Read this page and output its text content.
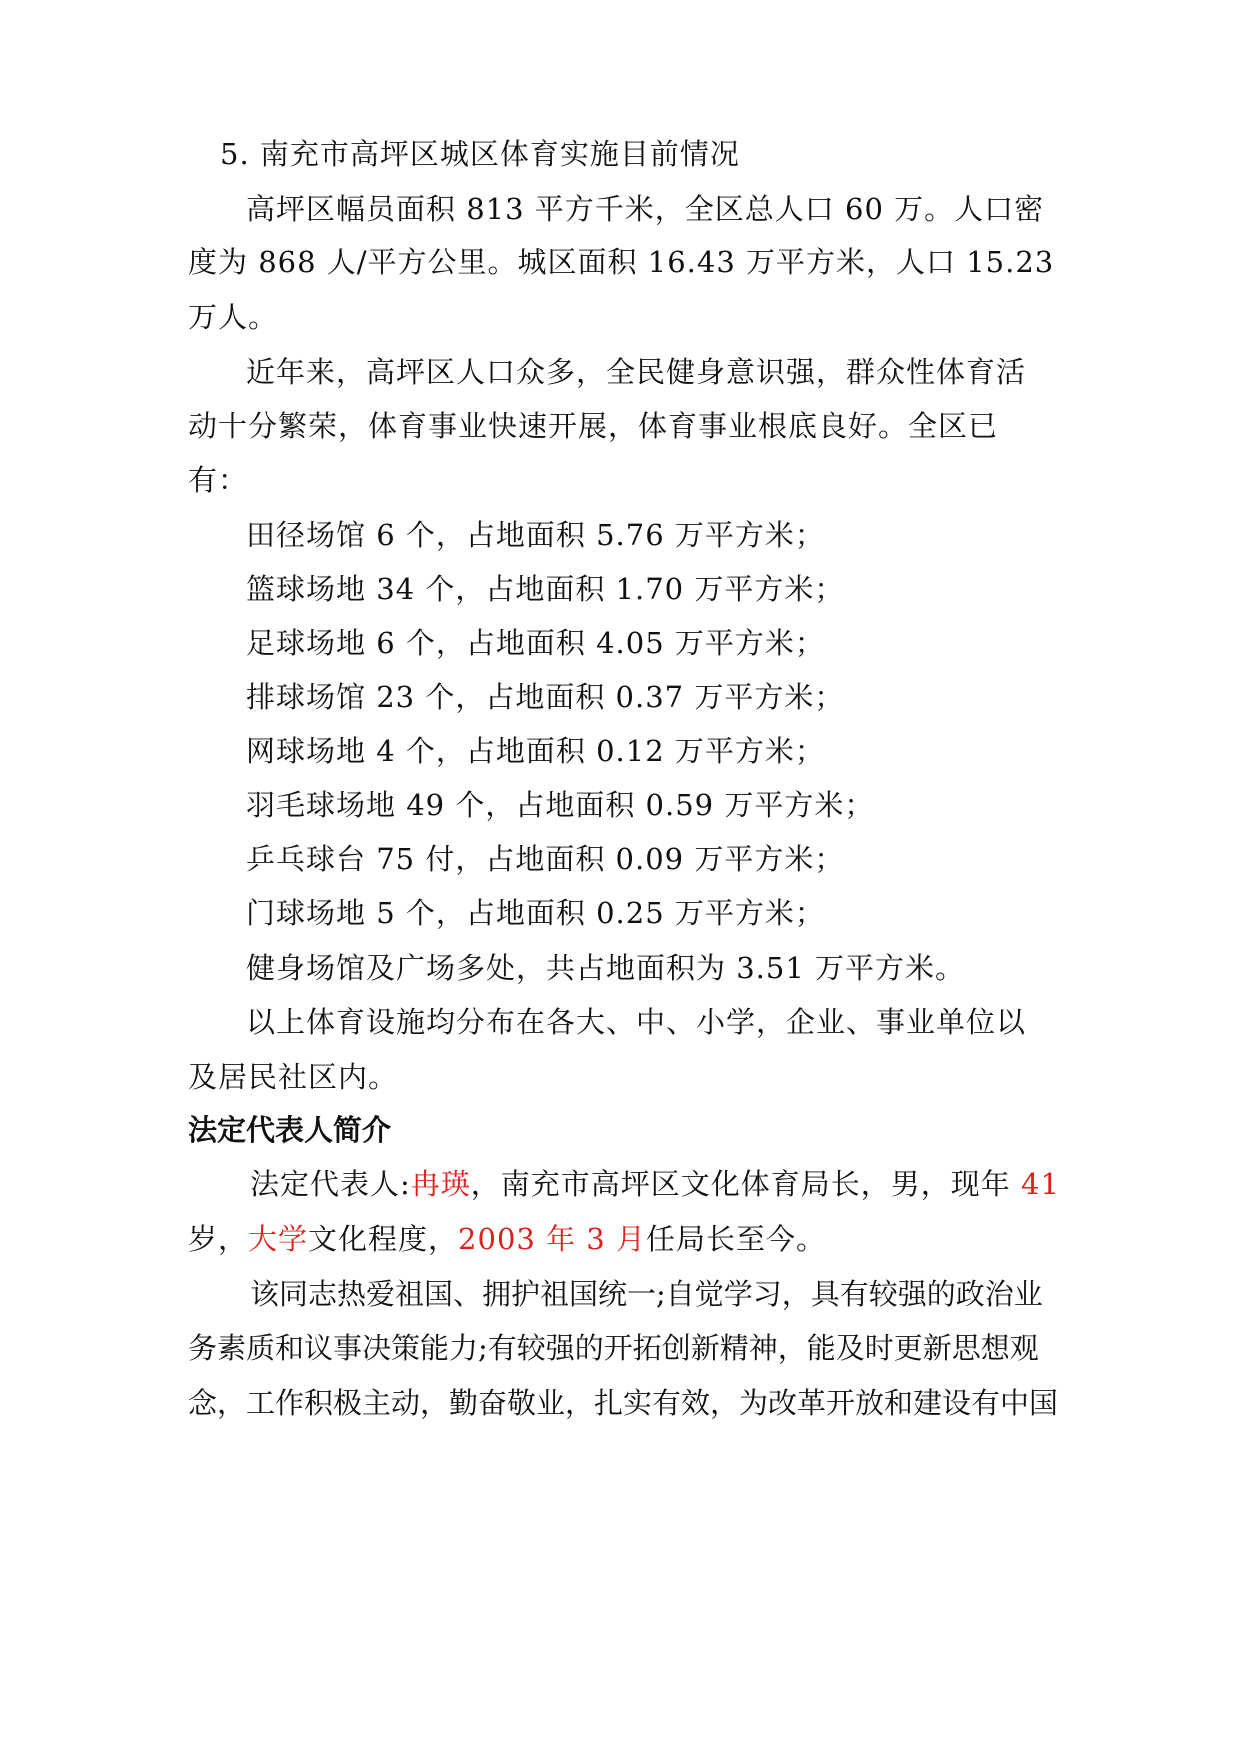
5. 南充市高坪区城区体育实施目前情况
高坪区幅员面积 813 平方千米，全区总人口 60 万。人口密
度为 868 人/平方公里。城区面积 16.43 万平方米，人口 15.23
万人。
近年来，高坪区人口众多，全民健身意识强，群众性体育活
动十分繁荣，体育事业快速开展，体育事业根底良好。全区已
有：
田径场馆 6 个，占地面积 5.76 万平方米；
篮球场地 34 个，占地面积 1.70 万平方米；
足球场地 6 个，占地面积 4.05 万平方米；
排球场馆 23 个，占地面积 0.37 万平方米；
网球场地 4 个，占地面积 0.12 万平方米；
羽毛球场地 49 个，占地面积 0.59 万平方米；
乒乓球台 75 付，占地面积 0.09 万平方米；
门球场地 5 个，占地面积 0.25 万平方米；
健身场馆及广场多处，共占地面积为 3.51 万平方米。
以上体育设施均分布在各大、中、小学，企业、事业单位以
及居民社区内。
法定代表人简介
法定代表人:冉瑛，南充市高坪区文化体育局长，男，现年 41
岁，大学文化程度，2003 年 3 月任局长至今。
该同志热爱祖国、拥护祖国统一;自觉学习，具有较强的政治业
务素质和议事决策能力;有较强的开拓创新精神，能及时更新思想观
念，工作积极主动，勤奋敬业，扎实有效，为改革开放和建设有中国
